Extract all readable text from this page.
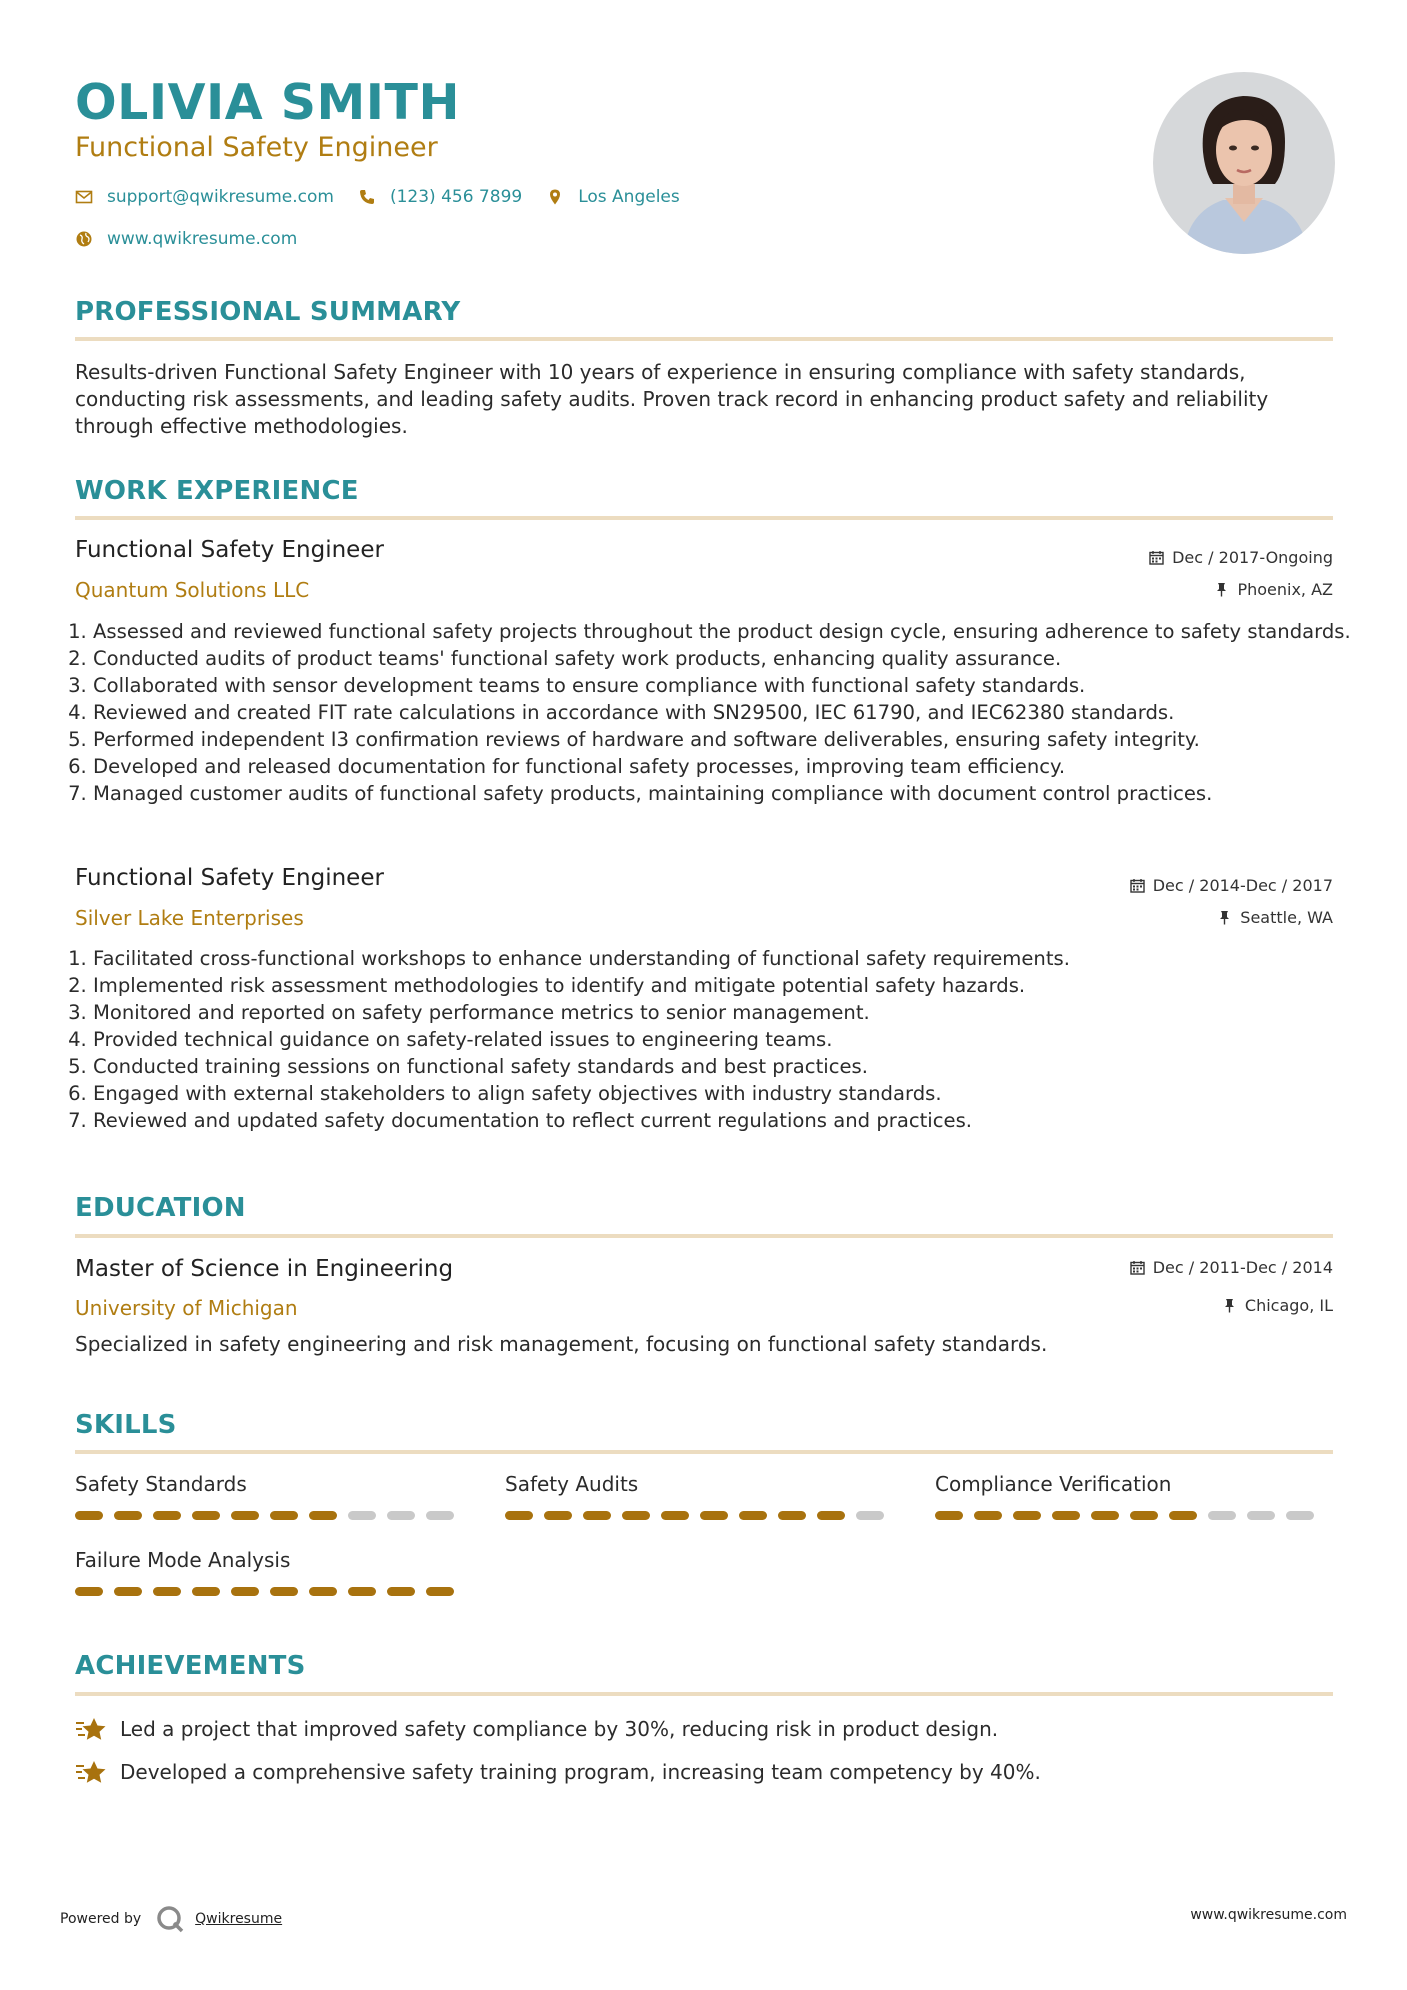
OLIVIA SMITH
Functional Safety Engineer
support@qwikresume.com	(123) 456 7899	Los Angeles
www.qwikresume.com
PROFESSIONAL SUMMARY

Results-driven Functional Safety Engineer with 10 years of experience in ensuring compliance with safety standards, conducting risk assessments, and leading safety audits. Proven track record in enhancing product safety and reliability through effective methodologies.

WORK EXPERIENCE
Functional Safety Engineer	Dec / 2017-Ongoing
Quantum Solutions LLC	Phoenix, AZ
1. Assessed and reviewed functional safety projects throughout the product design cycle, ensuring adherence to safety standards.
2. Conducted audits of product teams' functional safety work products, enhancing quality assurance.
3. Collaborated with sensor development teams to ensure compliance with functional safety standards.
4. Reviewed and created FIT rate calculations in accordance with SN29500, IEC 61790, and IEC62380 standards.
5. Performed independent I3 confirmation reviews of hardware and software deliverables, ensuring safety integrity.
6. Developed and released documentation for functional safety processes, improving team efficiency.
7. Managed customer audits of functional safety products, maintaining compliance with document control practices.
Functional Safety Engineer	Dec / 2014-Dec / 2017
Silver Lake Enterprises	Seattle, WA
1. Facilitated cross-functional workshops to enhance understanding of functional safety requirements.
2. Implemented risk assessment methodologies to identify and mitigate potential safety hazards.
3. Monitored and reported on safety performance metrics to senior management.
4. Provided technical guidance on safety-related issues to engineering teams.
5. Conducted training sessions on functional safety standards and best practices.
6. Engaged with external stakeholders to align safety objectives with industry standards.
7. Reviewed and updated safety documentation to reflect current regulations and practices.
EDUCATION
Master of Science in Engineering	Dec / 2011-Dec / 2014
University of Michigan	Chicago, IL

Specialized in safety engineering and risk management, focusing on functional safety standards.

SKILLS
Safety Standards	Safety Audits	Compliance Verification
Failure Mode Analysis
ACHIEVEMENTS
Led a project that improved safety compliance by 30%, reducing risk in product design.
Developed a comprehensive safety training program, increasing team competency by 40%.
Powered by	Qwikresume	www.qwikresume.com
